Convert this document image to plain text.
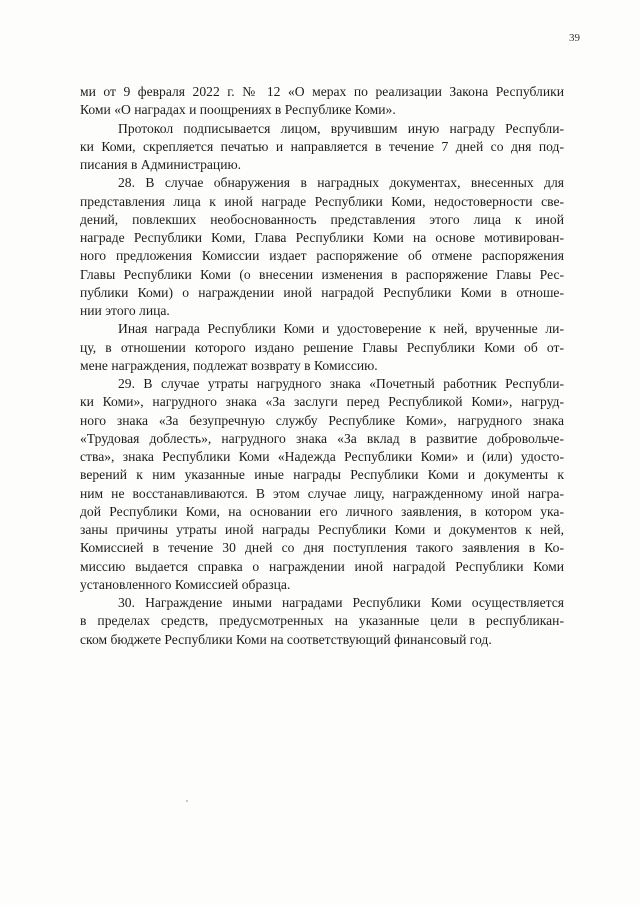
39
ми от 9 февраля 2022 г. № 12 «О мерах по реализации Закона Республики
Коми «О наградах и поощрениях в Республике Коми».
Протокол подписывается лицом, вручившим иную награду Республи-
ки Коми, скрепляется печатью и направляется в течение 7 дней со дня под-
писания в Администрацию.
28. В случае обнаружения в наградных документах, внесенных для
представления лица к иной награде Республики Коми, недостоверности све-
дений, повлекших необоснованность представления этого лица к иной
награде Республики Коми, Глава Республики Коми на основе мотивирован-
ного предложения Комиссии издает распоряжение об отмене распоряжения
Главы Республики Коми (о внесении изменения в распоряжение Главы Рес-
публики Коми) о награждении иной наградой Республики Коми в отноше-
нии этого лица.
Иная награда Республики Коми и удостоверение к ней, врученные ли-
цу, в отношении которого издано решение Главы Республики Коми об от-
мене награждения, подлежат возврату в Комиссию.
29. В случае утраты нагрудного знака «Почетный работник Республи-
ки Коми», нагрудного знака «За заслуги перед Республикой Коми», нагруд-
ного знака «За безупречную службу Республике Коми», нагрудного знака
«Трудовая доблесть», нагрудного знака «За вклад в развитие добровольче-
ства», знака Республики Коми «Надежда Республики Коми» и (или) удосто-
верений к ним указанные иные награды Республики Коми и документы к
ним не восстанавливаются. В этом случае лицу, награжденному иной награ-
дой Республики Коми, на основании его личного заявления, в котором ука-
заны причины утраты иной награды Республики Коми и документов к ней,
Комиссией в течение 30 дней со дня поступления такого заявления в Ко-
миссию выдается справка о награждении иной наградой Республики Коми
установленного Комиссией образца.
30. Награждение иными наградами Республики Коми осуществляется
в пределах средств, предусмотренных на указанные цели в республикан-
ском бюджете Республики Коми на соответствующий финансовый год.
